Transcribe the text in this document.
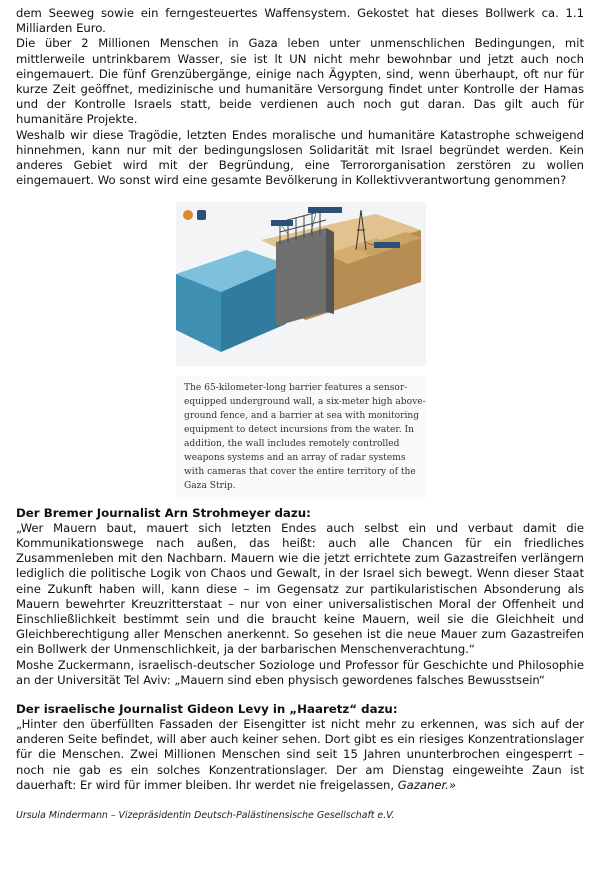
dem Seeweg sowie ein ferngesteuertes Waffensystem. Gekostet hat dieses Bollwerk ca. 1.1 Milliarden Euro.

Die über 2 Millionen Menschen in Gaza leben unter unmenschlichen Bedingungen, mit mittlerweile untrinkbarem Wasser, sie ist lt UN nicht mehr bewohnbar und jetzt auch noch eingemauert. Die fünf Grenzübergänge, einige nach Ägypten, sind, wenn überhaupt, oft nur für kurze Zeit geöffnet, medizinische und humanitäre Versorgung findet unter Kontrolle der Hamas und der Kontrolle Israels statt, beide verdienen auch noch gut daran. Das gilt auch für humanitäre Projekte.

Weshalb wir diese Tragödie, letzten Endes moralische und humanitäre Katastrophe schweigend hinnehmen, kann nur mit der bedingungslosen Solidarität mit Israel begründet werden. Kein anderes Gebiet wird mit der Begründung, eine Terrororganisation zerstören zu wollen eingemauert. Wo sonst wird eine gesamte Bevölkerung in Kollektivverantwortung genommen?

The 65-kilometer-long barrier features a sensor-equipped underground wall, a six-meter high above-ground fence, and a barrier at sea with monitoring equipment to detect incursions from the water. In addition, the wall includes remotely controlled weapons systems and an array of radar systems with cameras that cover the entire territory of the Gaza Strip.

Der Bremer Journalist Arn Strohmeyer dazu:

„Wer Mauern baut, mauert sich letzten Endes auch selbst ein und verbaut damit die Kommunikationswege nach außen, das heißt: auch alle Chancen für ein friedliches Zusammenleben mit den Nachbarn. Mauern wie die jetzt errichtete zum Gazastreifen verlängern lediglich die politische Logik von Chaos und Gewalt, in der Israel sich bewegt. Wenn dieser Staat eine Zukunft haben will, kann diese – im Gegensatz zur partikularistischen Absonderung als Mauern bewehrter Kreuzritterstaat – nur von einer universalistischen Moral der Offenheit und Einschließlichkeit bestimmt sein und die braucht keine Mauern, weil sie die Gleichheit und Gleichberechtigung aller Menschen anerkennt. So gesehen ist die neue Mauer zum Gazastreifen ein Bollwerk der Unmenschlichkeit, ja der barbarischen Menschenverachtung.“

Moshe Zuckermann, israelisch-deutscher Soziologe und Professor für Geschichte und Philosophie an der Universität Tel Aviv: „Mauern sind eben physisch gewordenes falsches Bewusstsein“

Der israelische Journalist Gideon Levy in „Haaretz“ dazu:

„Hinter den überfüllten Fassaden der Eisengitter ist nicht mehr zu erkennen, was sich auf der anderen Seite befindet, will aber auch keiner sehen. Dort gibt es ein riesiges Konzentrationslager für die Menschen. Zwei Millionen Menschen sind seit 15 Jahren ununterbrochen eingesperrt – noch nie gab es ein solches Konzentrationslager. Der am Dienstag eingeweihte Zaun ist dauerhaft: Er wird für immer bleiben. Ihr werdet nie freigelassen, Gazaner.»

Ursula Mindermann – Vizepräsidentin Deutsch-Palästinensische Gesellschaft e.V.
